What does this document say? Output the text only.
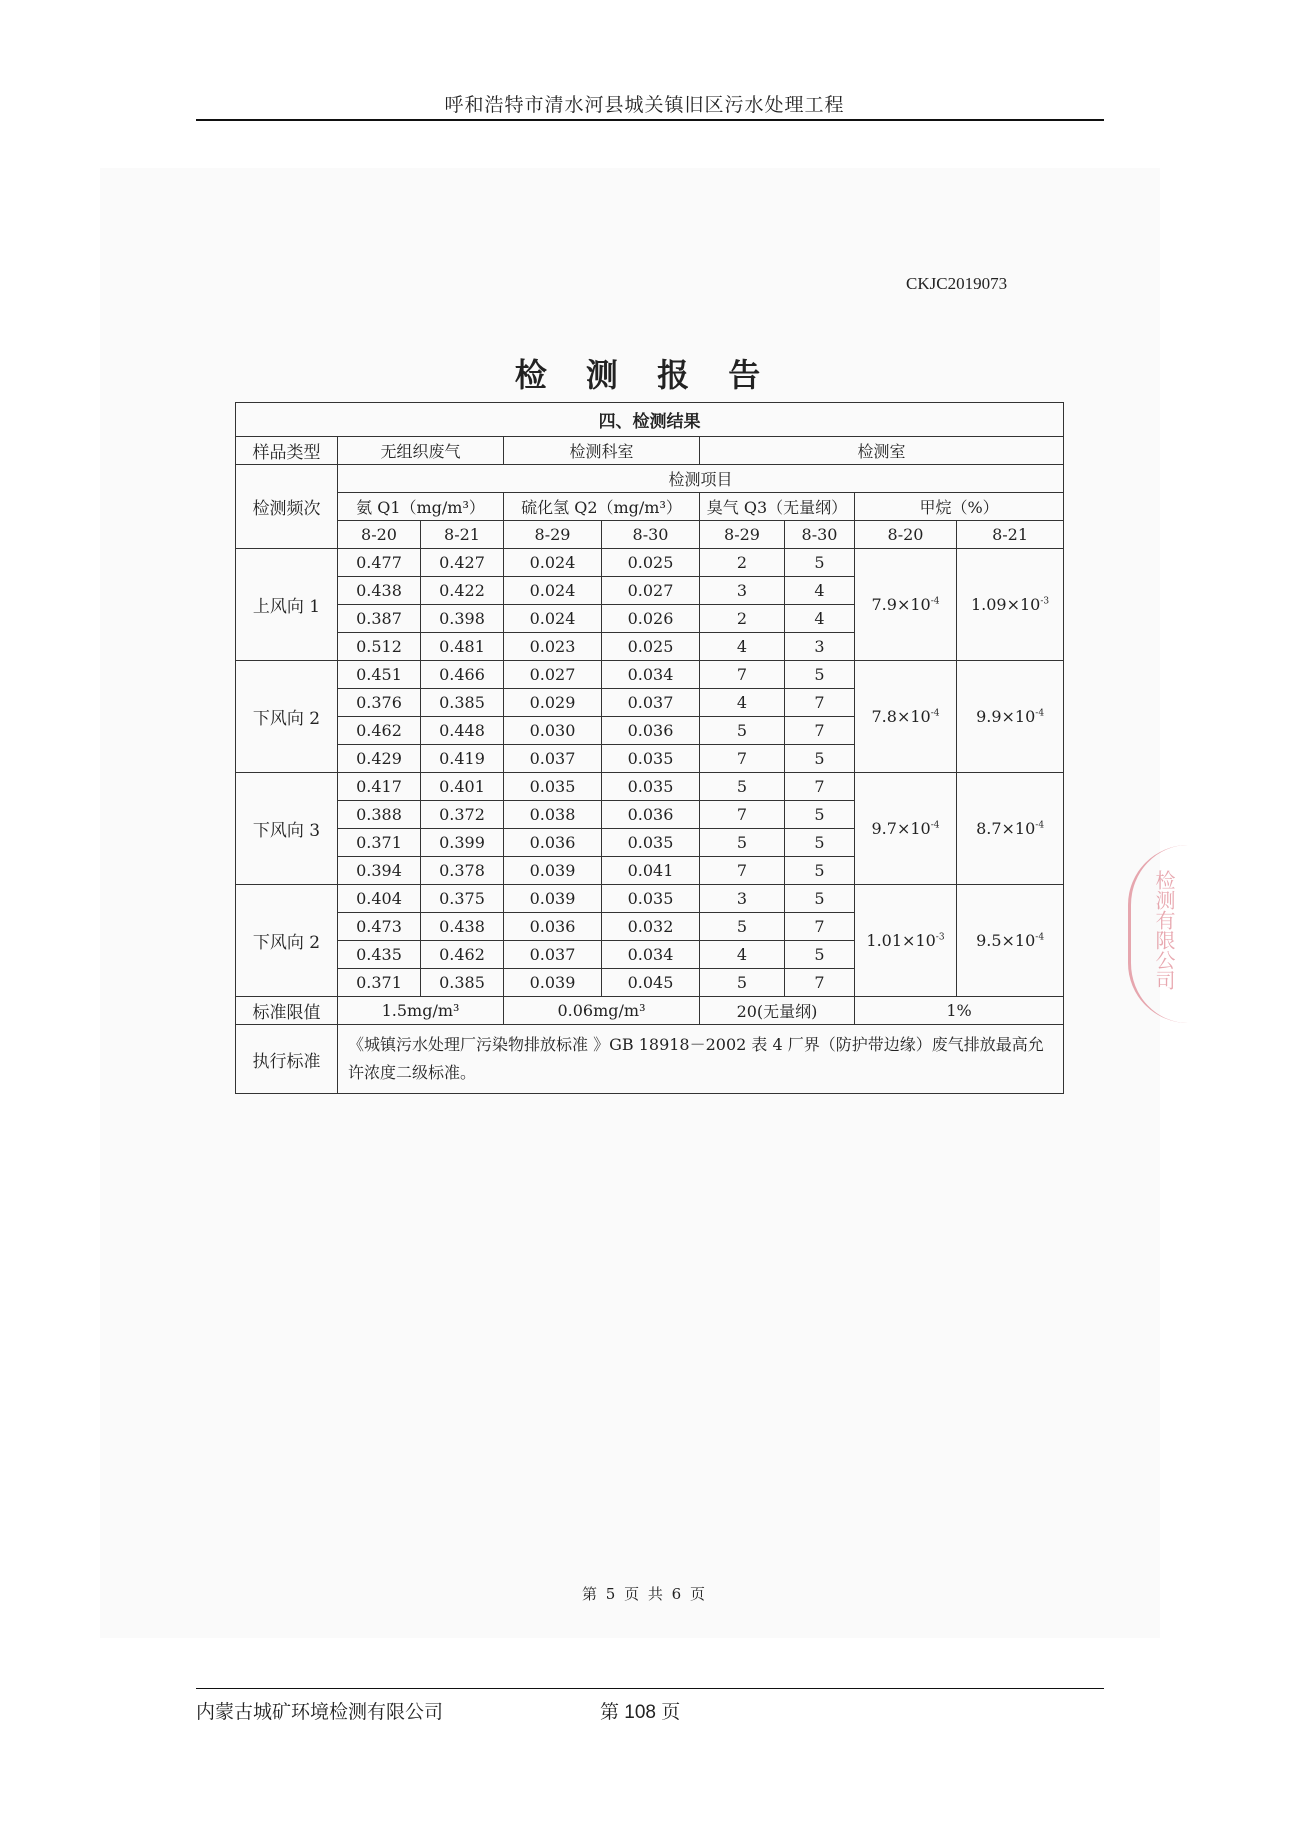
呼和浩特市清水河县城关镇旧区污水处理工程
CKJC2019073
检 测 报 告
四、检测结果								
样品类型	无组织废气		检测科室		检测室			
检测频次	检测项目							
	氨 Q1（mg/m³）		硫化氢 Q2（mg/m³）		臭气 Q3（无量纲）		甲烷（%）	
	8-20	8-21	8-29	8-30	8-29	8-30	8-20	8-21
上风向 1	0.477	0.427	0.024	0.025	2	5	$7.9\times 10^{-4}$	$1.09\times 10^{-3}$
	0.438	0.422	0.024	0.027	3	4		
	0.387	0.398	0.024	0.026	2	4		
	0.512	0.481	0.023	0.025	4	3		
下风向 2	0.451	0.466	0.027	0.034	7	5	$7.8\times 10^{-4}$	$9.9\times 10^{-4}$
	0.376	0.385	0.029	0.037	4	7		
	0.462	0.448	0.030	0.036	5	7		
	0.429	0.419	0.037	0.035	7	5		
下风向 3	0.417	0.401	0.035	0.035	5	7	$9.7\times 10^{-4}$	$8.7\times 10^{-4}$
	0.388	0.372	0.038	0.036	7	5		
	0.371	0.399	0.036	0.035	5	5		
	0.394	0.378	0.039	0.041	7	5		
下风向 2	0.404	0.375	0.039	0.035	3	5	$1.01\times 10^{-3}$	$9.5\times 10^{-4}$
	0.473	0.438	0.036	0.032	5	7		
	0.435	0.462	0.037	0.034	4	5		
	0.371	0.385	0.039	0.045	5	7		
标准限值	1.5mg/m³		0.06mg/m³		20(无量纲)		1%	
执行标准	《城镇污水处理厂污染物排放标准 》GB 18918－2002 表 4 厂界（防护带边缘）废气排放最高允许浓度二级标准。							
检测有限公司
第 5 页 共 6 页
内蒙古城矿环境检测有限公司	第 108 页
